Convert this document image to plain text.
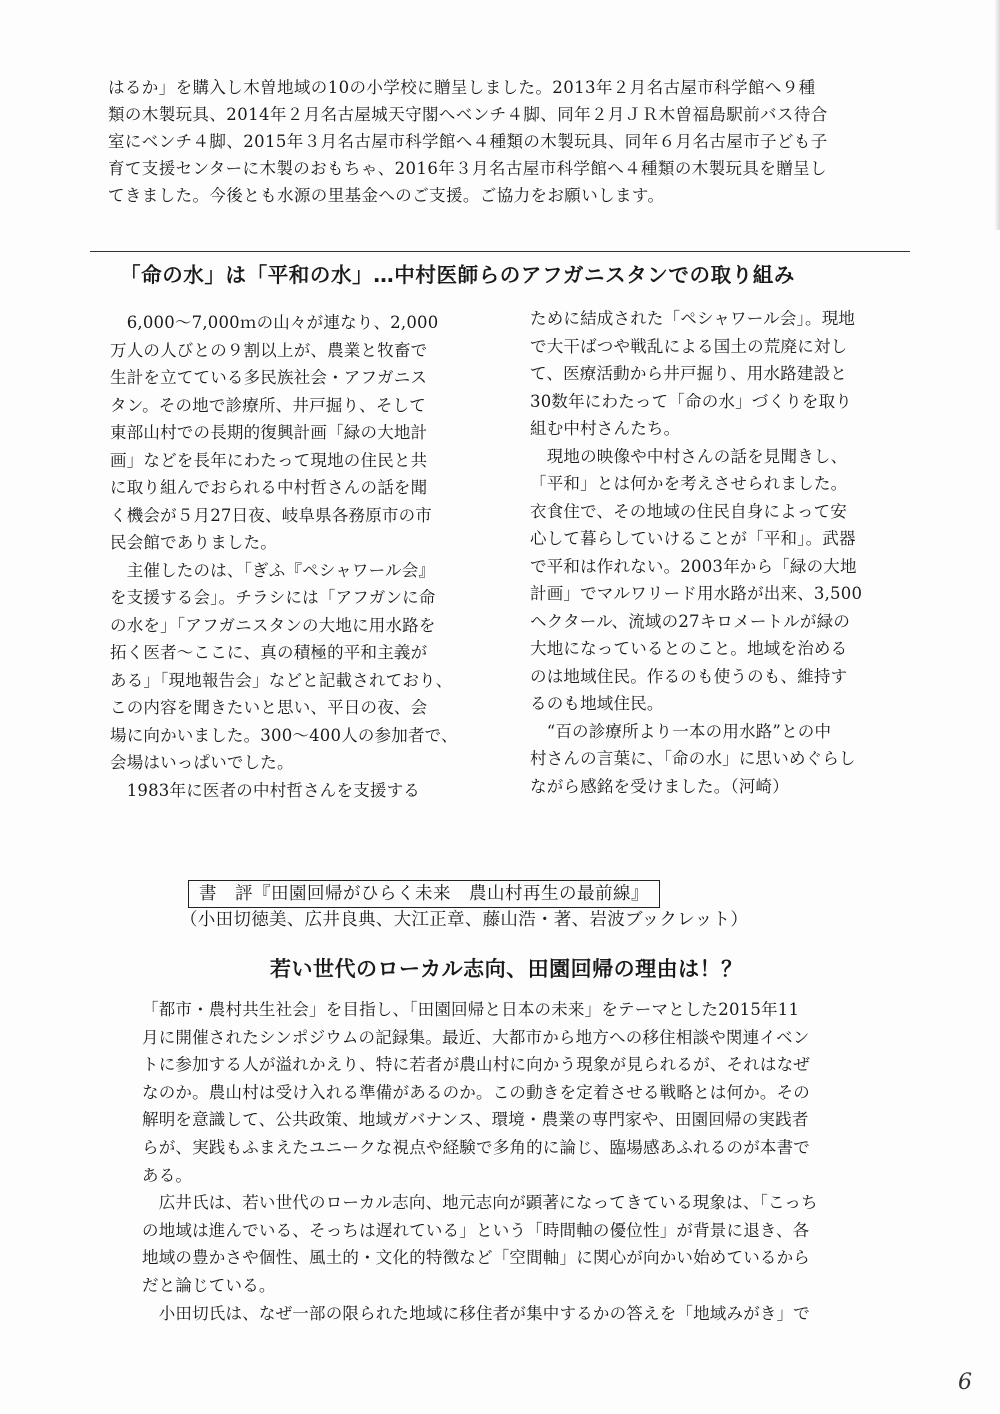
はるか」を購入し木曽地域の10の小学校に贈呈しました。2013年２月名古屋市科学館へ９種

類の木製玩具、2014年２月名古屋城天守閣へベンチ４脚、同年２月ＪＲ木曽福島駅前バス待合

室にベンチ４脚、2015年３月名古屋市科学館へ４種類の木製玩具、同年６月名古屋市子ども子

育て支援センターに木製のおもちゃ、2016年３月名古屋市科学館へ４種類の木製玩具を贈呈し

てきました。今後とも水源の里基金へのご支援。ご協力をお願いします。

「命の水」は「平和の水」…中村医師らのアフガニスタンでの取り組み

　6,000～7,000ｍの山々が連なり、2,000

万人の人びとの９割以上が、農業と牧畜で

生計を立てている多民族社会・アフガニス

タン。その地で診療所、井戸掘り、そして

東部山村での長期的復興計画「緑の大地計

画」などを長年にわたって現地の住民と共

に取り組んでおられる中村哲さんの話を聞

く機会が５月27日夜、岐阜県各務原市の市

民会館でありました。

　主催したのは、「ぎふ『ペシャワール会』

を支援する会」。チラシには「アフガンに命

の水を」「アフガニスタンの大地に用水路を

拓く医者～ここに、真の積極的平和主義が

ある」「現地報告会」などと記載されており、

この内容を聞きたいと思い、平日の夜、会

場に向かいました。300～400人の参加者で、

会場はいっぱいでした。

　1983年に医者の中村哲さんを支援する

ために結成された「ペシャワール会」。現地

で大干ばつや戦乱による国土の荒廃に対し

て、医療活動から井戸掘り、用水路建設と

30数年にわたって「命の水」づくりを取り

組む中村さんたち。

　現地の映像や中村さんの話を見聞きし、

「平和」とは何かを考えさせられました。

衣食住で、その地域の住民自身によって安

心して暮らしていけることが「平和」。武器

で平和は作れない。2003年から「緑の大地

計画」でマルワリード用水路が出来、3,500

ヘクタール、流域の27キロメートルが緑の

大地になっているとのこと。地域を治める

のは地域住民。作るのも使うのも、維持す

るのも地域住民。

　“百の診療所より一本の用水路”との中

村さんの言葉に、「命の水」に思いめぐらし

ながら感銘を受けました。（河崎）

書　評『田園回帰がひらく未来　農山村再生の最前線』
（小田切徳美、広井良典、大江正章、藤山浩・著、岩波ブックレット）
若い世代のローカル志向、田園回帰の理由は！？

「都市・農村共生社会」を目指し、「田園回帰と日本の未来」をテーマとした2015年11

月に開催されたシンポジウムの記録集。最近、大都市から地方への移住相談や関連イベン

トに参加する人が溢れかえり、特に若者が農山村に向かう現象が見られるが、それはなぜ

なのか。農山村は受け入れる準備があるのか。この動きを定着させる戦略とは何か。その

解明を意識して、公共政策、地域ガバナンス、環境・農業の専門家や、田園回帰の実践者

らが、実践もふまえたユニークな視点や経験で多角的に論じ、臨場感あふれるのが本書で

ある。

　広井氏は、若い世代のローカル志向、地元志向が顕著になってきている現象は、「こっち

の地域は進んでいる、そっちは遅れている」という「時間軸の優位性」が背景に退き、各

地域の豊かさや個性、風土的・文化的特徴など「空間軸」に関心が向かい始めているから

だと論じている。

　小田切氏は、なぜ一部の限られた地域に移住者が集中するかの答えを「地域みがき」で

6
